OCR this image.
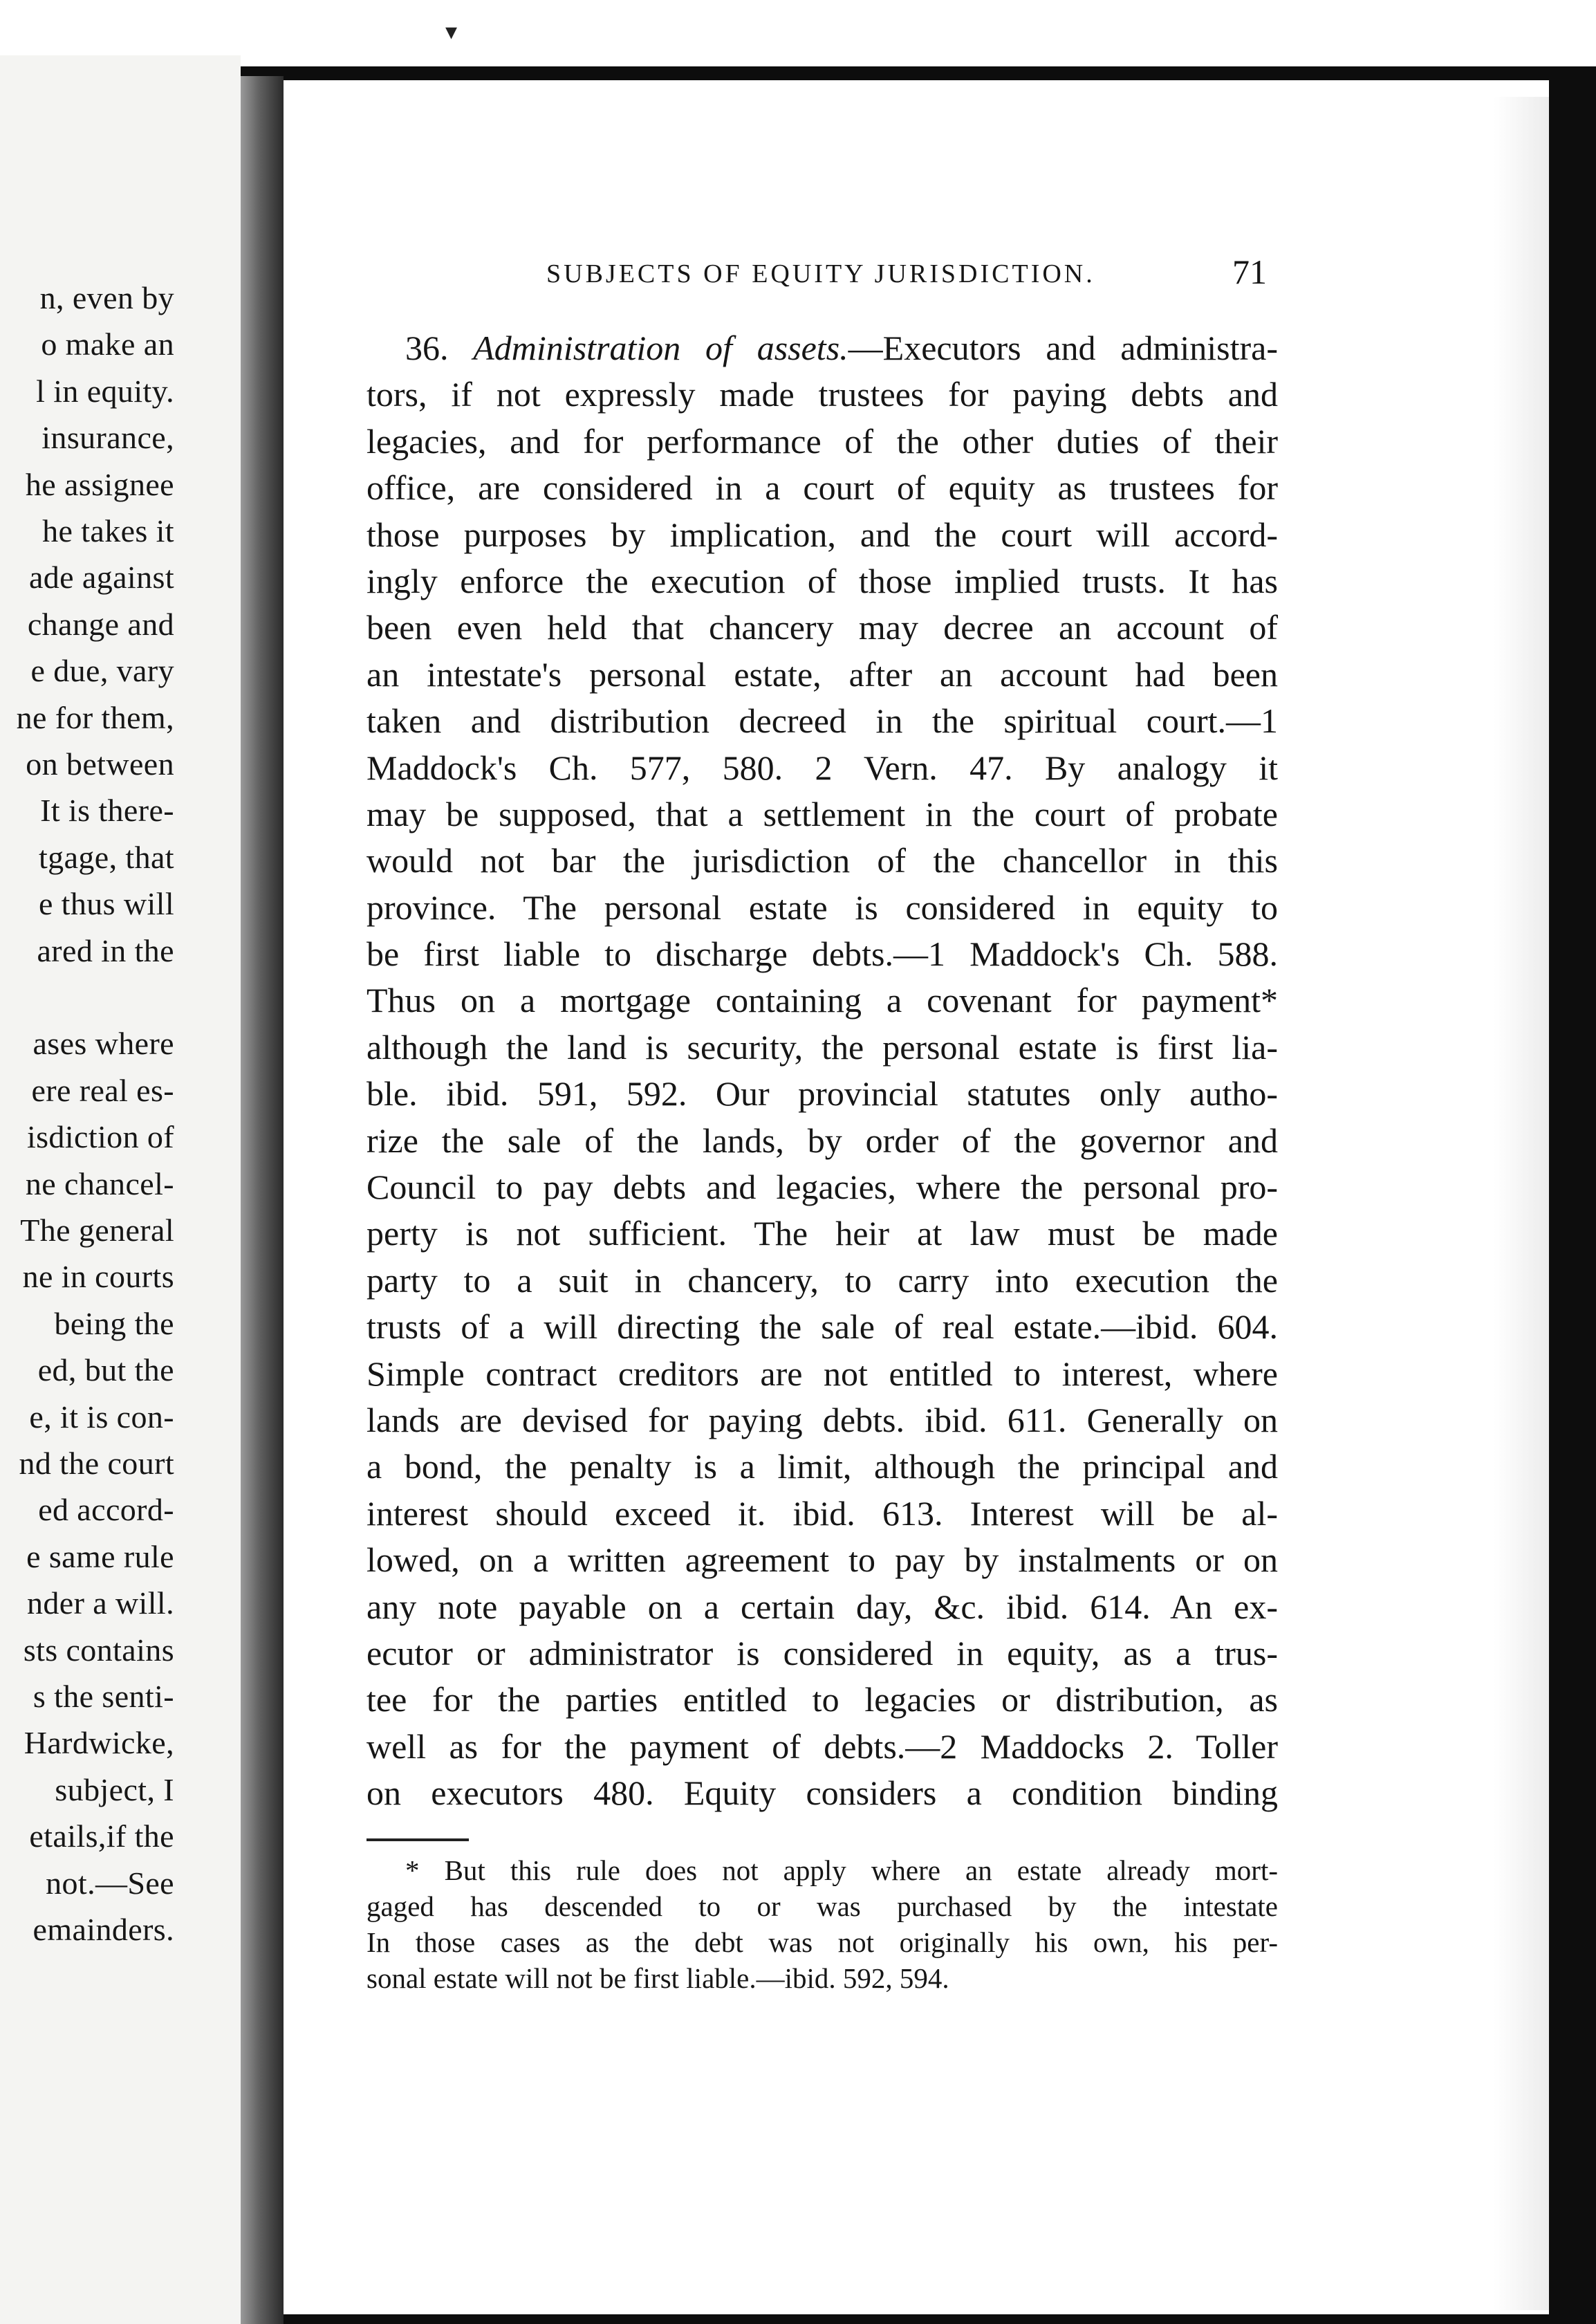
▾
n, even by
o make an
l in equity.
insurance,
he assignee
he takes it
ade against
change and
e due, vary
ne for them,
on between
It is there-
tgage, that
e thus will
ared in the
ases where
ere real es-
isdiction of
ne chancel-
The general
ne in courts
being the
ed, but the
e, it is con-
nd the court
ed accord-
e same rule
nder a will.
sts contains
s the senti-
Hardwicke,
subject, I
etails,if the
not.—See
emainders.
SUBJECTS OF EQUITY JURISDICTION.	71
36. Administration of assets.—Executors and administra-
tors, if not expressly made trustees for paying debts and
legacies, and for performance of the other duties of their
office, are considered in a court of equity as trustees for
those purposes by implication, and the court will accord-
ingly enforce the execution of those implied trusts. It has
been even held that chancery may decree an account of
an intestate's personal estate, after an account had been
taken and distribution decreed in the spiritual court.—1
Maddock's Ch. 577, 580. 2 Vern. 47. By analogy it
may be supposed, that a settlement in the court of probate
would not bar the jurisdiction of the chancellor in this
province. The personal estate is considered in equity to
be first liable to discharge debts.—1 Maddock's Ch. 588.
Thus on a mortgage containing a covenant for payment*
although the land is security, the personal estate is first lia-
ble. ibid. 591, 592. Our provincial statutes only autho-
rize the sale of the lands, by order of the governor and
Council to pay debts and legacies, where the personal pro-
perty is not sufficient. The heir at law must be made
party to a suit in chancery, to carry into execution the
trusts of a will directing the sale of real estate.—ibid. 604.
Simple contract creditors are not entitled to interest, where
lands are devised for paying debts. ibid. 611. Generally on
a bond, the penalty is a limit, although the principal and
interest should exceed it. ibid. 613. Interest will be al-
lowed, on a written agreement to pay by instalments or on
any note payable on a certain day, &c. ibid. 614. An ex-
ecutor or administrator is considered in equity, as a trus-
tee for the parties entitled to legacies or distribution, as
well as for the payment of debts.—2 Maddocks 2. Toller
on executors 480. Equity considers a condition binding
* But this rule does not apply where an estate already mort-
gaged has descended to or was purchased by the intestate
In those cases as the debt was not originally his own, his per-
sonal estate will not be first liable.—ibid. 592, 594.
